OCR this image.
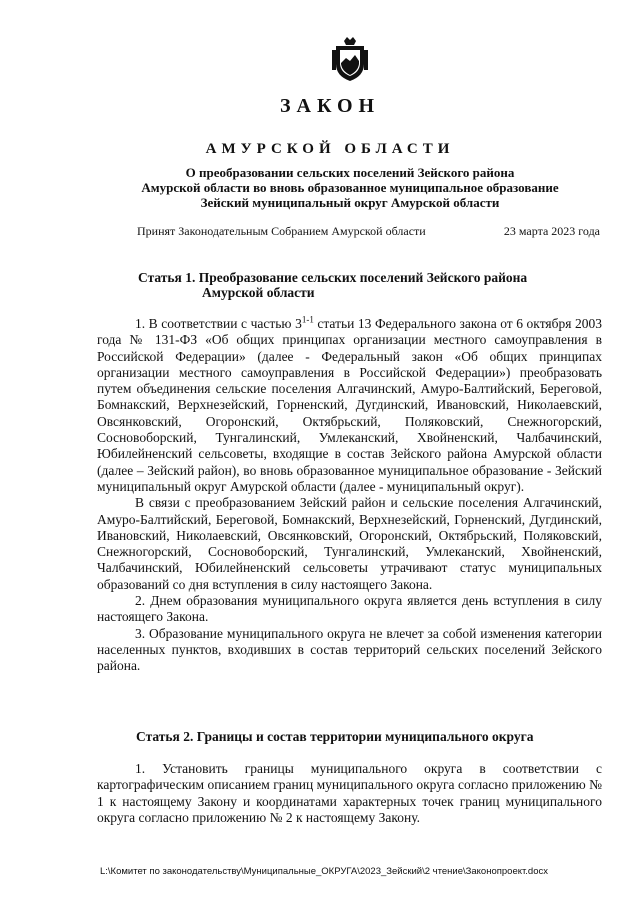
ЗАКОН
АМУРСКОЙ ОБЛАСТИ
О преобразовании сельских поселений Зейского района
Амурской области во вновь образованное муниципальное образование
Зейский муниципальный округ Амурской области
Принят Законодательным Собранием Амурской области	23 марта 2023 года
Статья 1. Преобразование сельских поселений Зейского района
Амурской области

1. В соответствии с частью 3$^{1-1}$ статьи 13 Федерального закона от 6 октября 2003 года № 131-ФЗ «Об общих принципах организации местного самоуправления в Российской Федерации» (далее - Федеральный закон «Об общих принципах организации местного самоуправления в Российской Федерации») преобразовать путем объединения сельские поселения Алгачинский, Амуро-Балтийский, Береговой, Бомнакский, Верхнезейский, Горненский, Дугдинский, Ивановский, Николаевский, Овсянковский, Огоронский, Октябрьский, Поляковский, Снежногорский, Сосновоборский, Тунгалинский, Умлеканский, Хвойненский, Чалбачинский, Юбилейненский сельсоветы, входящие в состав Зейского района Амурской области (далее – Зейский район), во вновь образованное муниципальное образование - Зейский муниципальный округ Амурской области (далее - муниципальный округ).

В связи с преобразованием Зейский район и сельские поселения Алгачинский, Амуро-Балтийский, Береговой, Бомнакский, Верхнезейский, Горненский, Дугдинский, Ивановский, Николаевский, Овсянковский, Огоронский, Октябрьский, Поляковский, Снежногорский, Сосновоборский, Тунгалинский, Умлеканский, Хвойненский, Чалбачинский, Юбилейненский сельсоветы утрачивают статус муниципальных образований со дня вступления в силу настоящего Закона.

2. Днем образования муниципального округа является день вступления в силу настоящего Закона.

3. Образование муниципального округа не влечет за собой изменения категории населенных пунктов, входивших в состав территорий сельских поселений Зейского района.

Статья 2. Границы и состав территории муниципального округа

1. Установить границы муниципального округа в соответствии с картографическим описанием границ муниципального округа согласно приложению № 1 к настоящему Закону и координатами характерных точек границ муниципального округа согласно приложению № 2 к настоящему Закону.

L:\Комитет по законодательству\Муниципальные_ОКРУГА\2023_Зейский\2 чтение\Законопроект.docx
